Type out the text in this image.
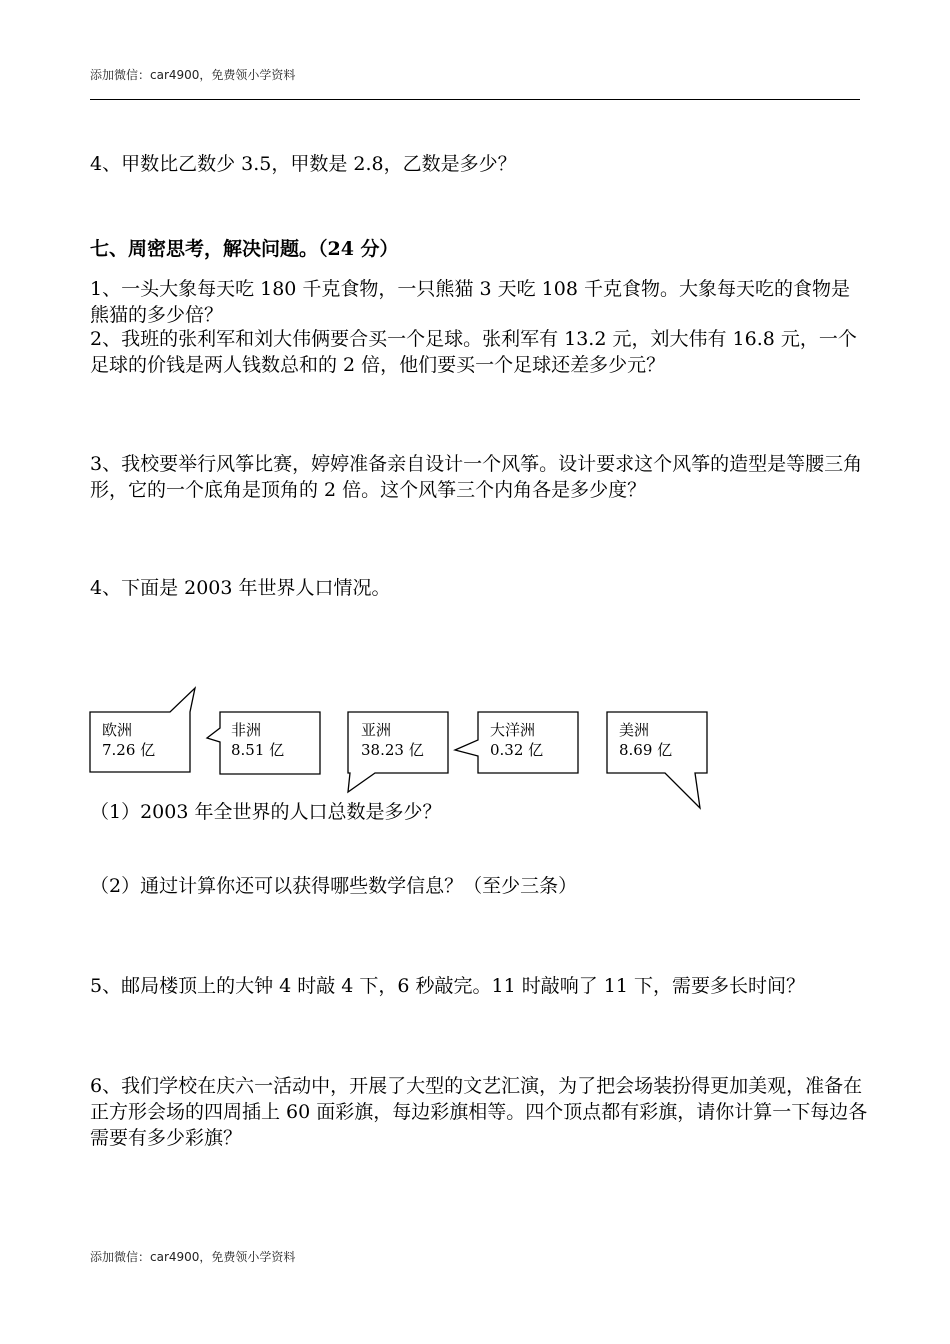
添加微信：car4900，免费领小学资料
4、甲数比乙数少 3.5，甲数是 2.8，乙数是多少？
七、周密思考，解决问题。（24 分）
1、一头大象每天吃 180 千克食物，一只熊猫 3 天吃 108 千克食物。大象每天吃的食物是熊猫的多少倍？
2、我班的张利军和刘大伟俩要合买一个足球。张利军有 13.2 元，刘大伟有 16.8 元，一个足球的价钱是两人钱数总和的 2 倍，他们要买一个足球还差多少元？
3、我校要举行风筝比赛，婷婷准备亲自设计一个风筝。设计要求这个风筝的造型是等腰三角形，它的一个底角是顶角的 2 倍。这个风筝三个内角各是多少度？
4、下面是 2003 年世界人口情况。
欧洲
7.26 亿
非洲
8.51 亿
亚洲
38.23 亿
大洋洲
0.32 亿
美洲
8.69 亿
（1）2003 年全世界的人口总数是多少？
（2）通过计算你还可以获得哪些数学信息？（至少三条）
5、邮局楼顶上的大钟 4 时敲 4 下，6 秒敲完。11 时敲响了 11 下，需要多长时间？
6、我们学校在庆六一活动中，开展了大型的文艺汇演，为了把会场装扮得更加美观，准备在正方形会场的四周插上 60 面彩旗，每边彩旗相等。四个顶点都有彩旗，请你计算一下每边各需要有多少彩旗？
添加微信：car4900，免费领小学资料
